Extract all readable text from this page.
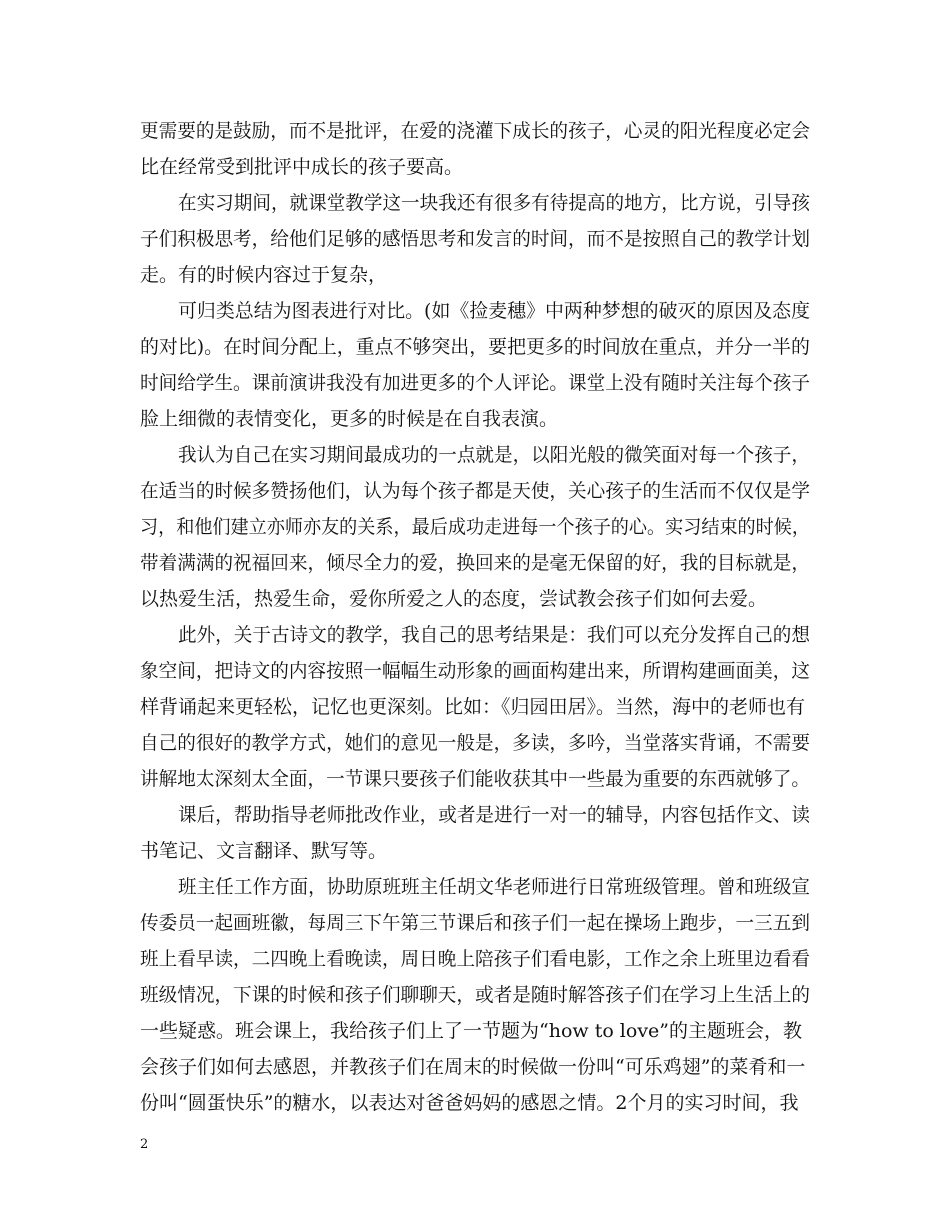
更需要的是鼓励，而不是批评，在爱的浇灌下成长的孩子，心灵的阳光程度必定会
比在经常受到批评中成长的孩子要高。
在实习期间，就课堂教学这一块我还有很多有待提高的地方，比方说，引导孩
子们积极思考，给他们足够的感悟思考和发言的时间，而不是按照自己的教学计划
走。有的时候内容过于复杂，
可归类总结为图表进行对比。(如《捡麦穗》中两种梦想的破灭的原因及态度
的对比)。在时间分配上，重点不够突出，要把更多的时间放在重点，并分一半的
时间给学生。课前演讲我没有加进更多的个人评论。课堂上没有随时关注每个孩子
脸上细微的表情变化，更多的时候是在自我表演。
我认为自己在实习期间最成功的一点就是，以阳光般的微笑面对每一个孩子，
在适当的时候多赞扬他们，认为每个孩子都是天使，关心孩子的生活而不仅仅是学
习，和他们建立亦师亦友的关系，最后成功走进每一个孩子的心。实习结束的时候，
带着满满的祝福回来，倾尽全力的爱，换回来的是毫无保留的好，我的目标就是，
以热爱生活，热爱生命，爱你所爱之人的态度，尝试教会孩子们如何去爱。
此外，关于古诗文的教学，我自己的思考结果是：我们可以充分发挥自己的想
象空间，把诗文的内容按照一幅幅生动形象的画面构建出来，所谓构建画面美，这
样背诵起来更轻松，记忆也更深刻。比如：《归园田居》。当然，海中的老师也有
自己的很好的教学方式，她们的意见一般是，多读，多吟，当堂落实背诵，不需要
讲解地太深刻太全面，一节课只要孩子们能收获其中一些最为重要的东西就够了。
课后，帮助指导老师批改作业，或者是进行一对一的辅导，内容包括作文、读
书笔记、文言翻译、默写等。
班主任工作方面，协助原班班主任胡文华老师进行日常班级管理。曾和班级宣
传委员一起画班徽，每周三下午第三节课后和孩子们一起在操场上跑步，一三五到
班上看早读，二四晚上看晚读，周日晚上陪孩子们看电影，工作之余上班里边看看
班级情况，下课的时候和孩子们聊聊天，或者是随时解答孩子们在学习上生活上的
一些疑惑。班会课上，我给孩子们上了一节题为“how to love”的主题班会，教
会孩子们如何去感恩，并教孩子们在周末的时候做一份叫“可乐鸡翅”的菜肴和一
份叫“圆蛋快乐”的糖水，以表达对爸爸妈妈的感恩之情。2个月的实习时间，我
2
